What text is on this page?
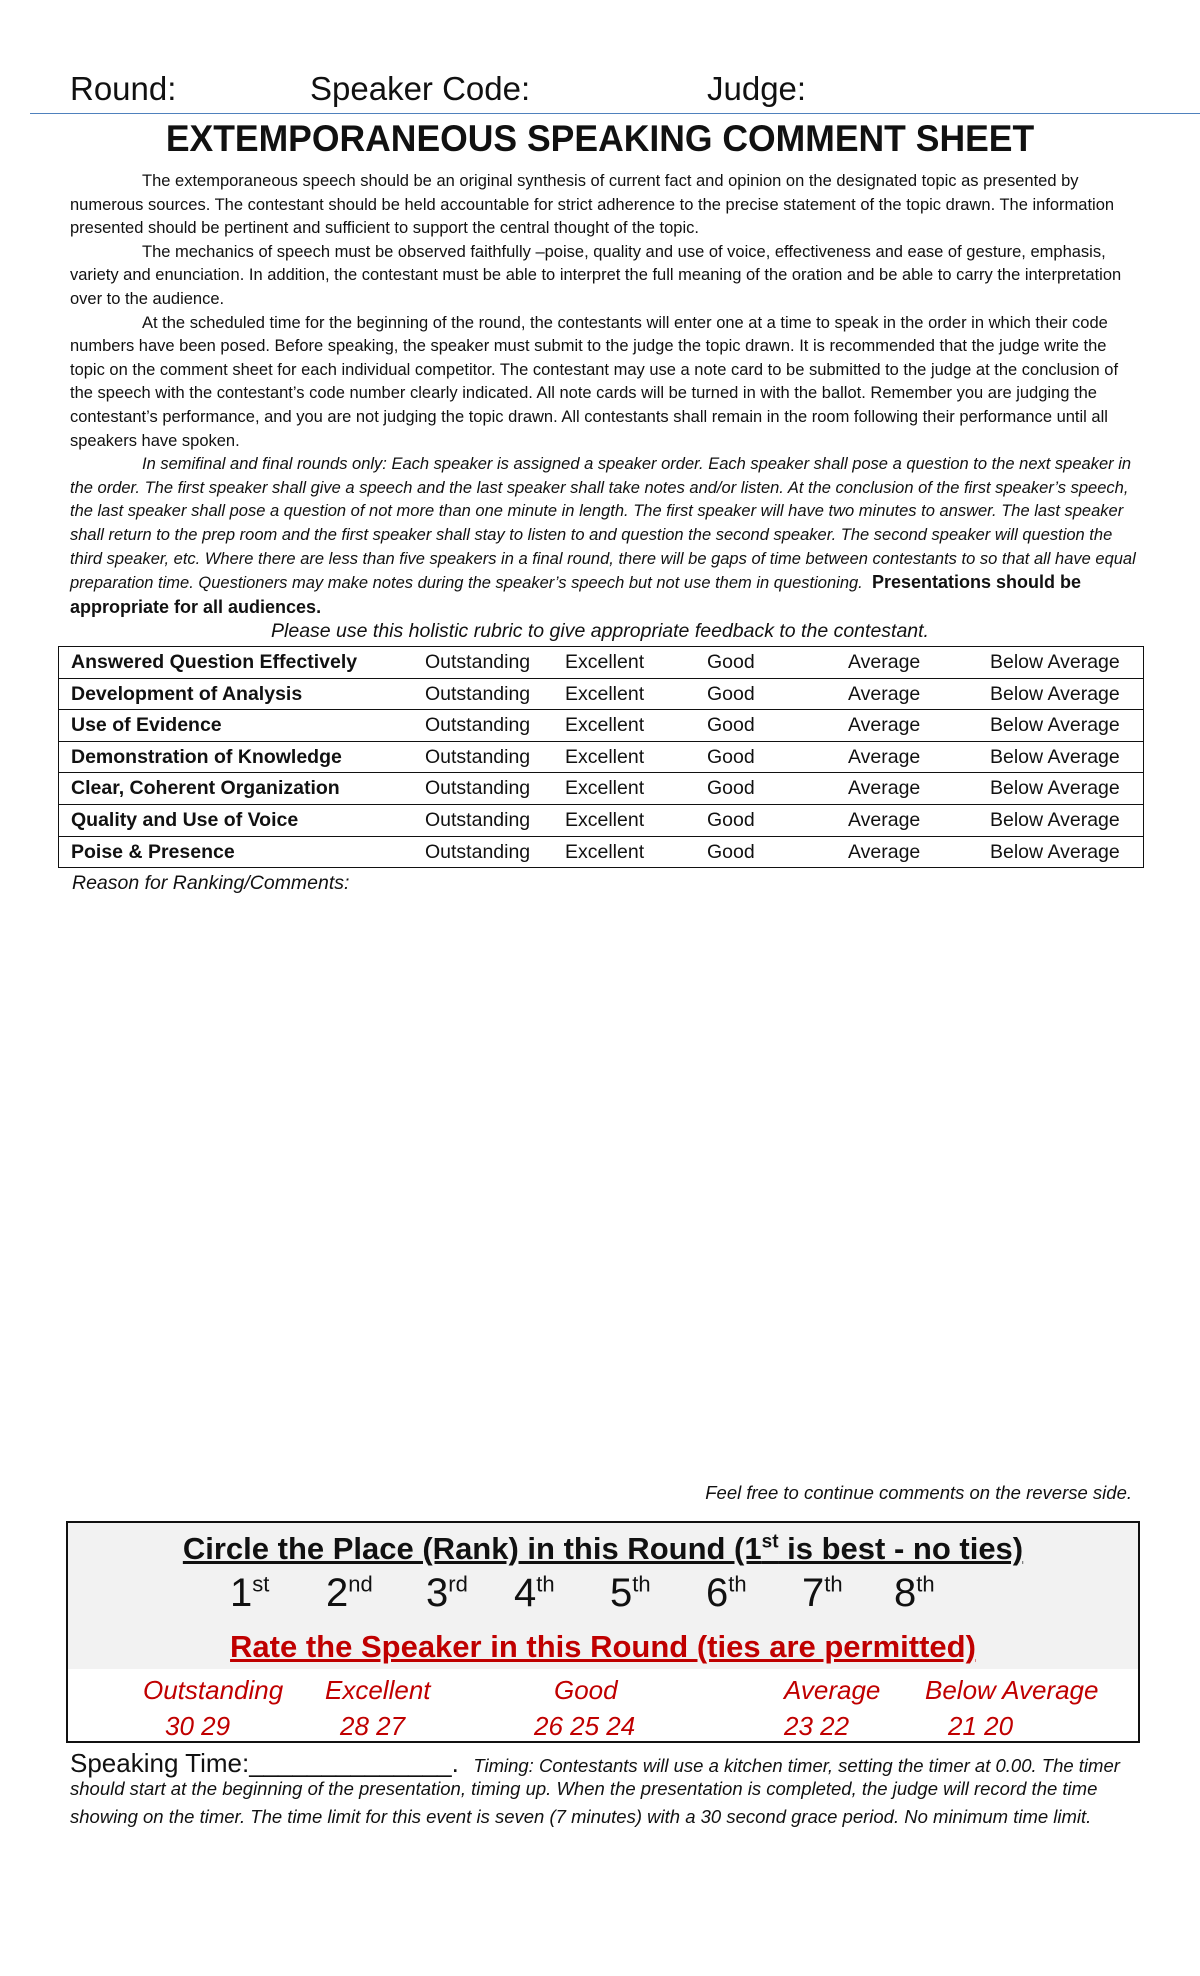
Round:	Speaker Code:	Judge:
EXTEMPORANEOUS SPEAKING COMMENT SHEET

The extemporaneous speech should be an original synthesis of current fact and opinion on the designated topic as presented by numerous sources. The contestant should be held accountable for strict adherence to the precise statement of the topic drawn. The information presented should be pertinent and sufficient to support the central thought of the topic.

The mechanics of speech must be observed faithfully –poise, quality and use of voice, effectiveness and ease of gesture, emphasis, variety and enunciation. In addition, the contestant must be able to interpret the full meaning of the oration and be able to carry the interpretation over to the audience.

At the scheduled time for the beginning of the round, the contestants will enter one at a time to speak in the order in which their code numbers have been posed. Before speaking, the speaker must submit to the judge the topic drawn. It is recommended that the judge write the topic on the comment sheet for each individual competitor. The contestant may use a note card to be submitted to the judge at the conclusion of the speech with the contestant’s code number clearly indicated. All note cards will be turned in with the ballot. Remember you are judging the contestant’s performance, and you are not judging the topic drawn. All contestants shall remain in the room following their performance until all speakers have spoken.

In semifinal and final rounds only: Each speaker is assigned a speaker order. Each speaker shall pose a question to the next speaker in the order. The first speaker shall give a speech and the last speaker shall take notes and/or listen. At the conclusion of the first speaker’s speech, the last speaker shall pose a question of not more than one minute in length. The first speaker will have two minutes to answer. The last speaker shall return to the prep room and the first speaker shall stay to listen to and question the second speaker. The second speaker will question the third speaker, etc. Where there are less than five speakers in a final round, there will be gaps of time between contestants to so that all have equal preparation time. Questioners may make notes during the speaker’s speech but not use them in questioning. Presentations should be appropriate for all audiences.

Please use this holistic rubric to give appropriate feedback to the contestant.
Answered Question Effectively	Outstanding Excellent	Good	Average	Below Average
Development of Analysis	Outstanding Excellent	Good	Average	Below Average
Use of Evidence	Outstanding Excellent	Good	Average	Below Average
Demonstration of Knowledge	Outstanding Excellent	Good	Average	Below Average
Clear, Coherent Organization	Outstanding Excellent	Good	Average	Below Average
Quality and Use of Voice	Outstanding Excellent	Good	Average	Below Average
Poise & Presence	Outstanding Excellent	Good	Average	Below Average
Reason for Ranking/Comments:
Feel free to continue comments on the reverse side.
Circle the Place (Rank) in this Round (1st is best - no ties)
1st 2nd 3rd 4th 5th 6th 7th 8th
Rate the Speaker in this Round (ties are permitted)
Outstanding
30 29
Excellent
28 27
Good
26 25 24
Average
23 22
Below Average
21 20
Speaking Time:______________. Timing: Contestants will use a kitchen timer, setting the timer at 0.00. The timer
should start at the beginning of the presentation, timing up. When the presentation is completed, the judge will record the time showing on the timer. The time limit for this event is seven (7 minutes) with a 30 second grace period. No minimum time limit.
